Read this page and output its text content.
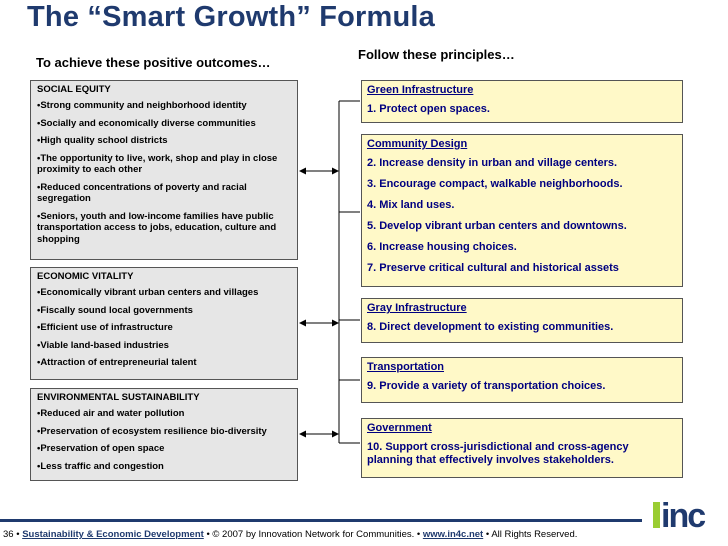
The “Smart Growth” Formula
To achieve these positive outcomes…
Follow these principles…
SOCIAL EQUITY
•Strong community and neighborhood identity
•Socially and economically diverse communities
•High quality school districts
•The opportunity to live, work, shop and play in close proximity to each other
•Reduced concentrations of poverty and racial segregation
•Seniors, youth and low-income families have public transportation access to jobs, education, culture and shopping
ECONOMIC VITALITY
•Economically vibrant urban centers and villages
•Fiscally sound local governments
•Efficient use of infrastructure
•Viable land-based industries
•Attraction of entrepreneurial talent
ENVIRONMENTAL SUSTAINABILITY
•Reduced air and water pollution
•Preservation of ecosystem resilience bio-diversity
•Preservation of open space
•Less traffic and congestion
Green Infrastructure
1. Protect open spaces.
Community Design
2. Increase density in urban and village centers.
3. Encourage compact, walkable neighborhoods.
4. Mix land uses.
5. Develop vibrant urban centers and downtowns.
6. Increase housing choices.
7. Preserve critical cultural and historical assets
Gray Infrastructure
8. Direct development to existing communities.
Transportation
9. Provide a variety of transportation choices.
Government
10. Support cross-jurisdictional and cross-agency planning that effectively involves stakeholders.
36 • Sustainability & Economic Development • © 2007 by Innovation Network for Communities. • www.in4c.net • All Rights Reserved. inc
